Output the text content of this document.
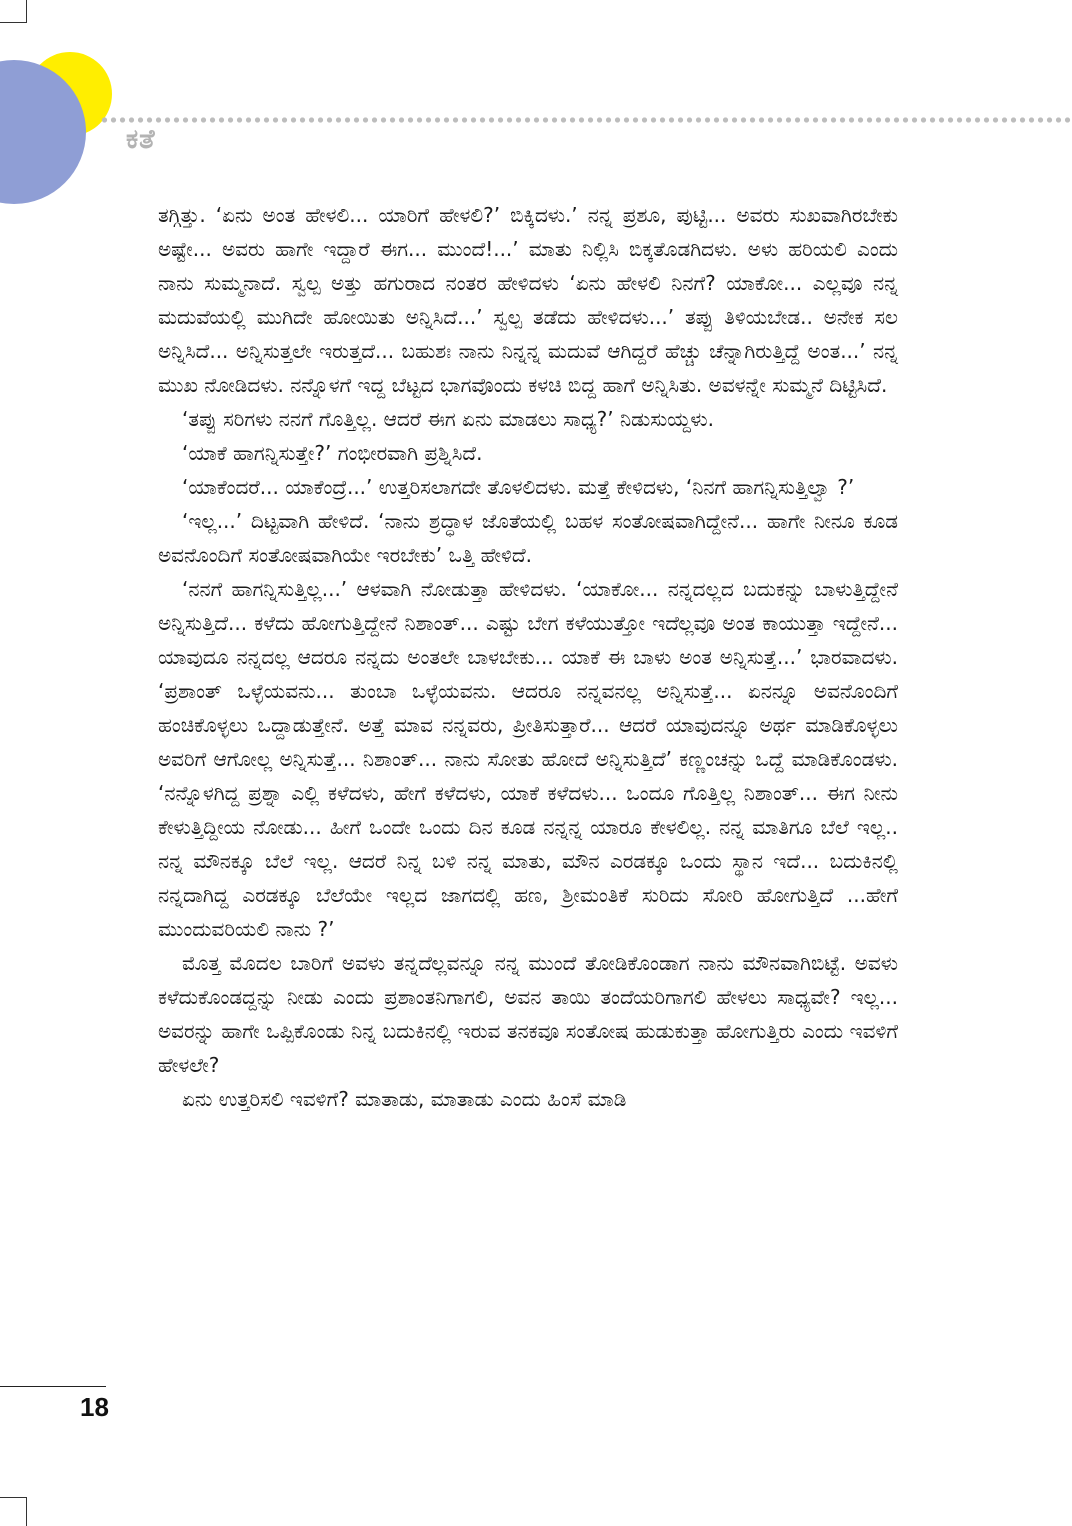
ಕತೆ

ತಗ್ಗಿತ್ತು. ‘ಏನು ಅಂತ ಹೇಳಲಿ... ಯಾರಿಗೆ ಹೇಳಲಿ?’ ಬಿಕ್ಕಿದಳು.’ ನನ್ನ ಪ್ರಶೂ, ಪುಟ್ಟಿ... ಅವರು ಸುಖವಾಗಿರಬೇಕು ಅಷ್ಟೇ... ಅವರು ಹಾಗೇ ಇದ್ದಾರೆ ಈಗ... ಮುಂದೆ!...’ ಮಾತು ನಿಲ್ಲಿಸಿ ಬಿಕ್ಕತೊಡಗಿದಳು. ಅಳು ಹರಿಯಲಿ ಎಂದು ನಾನು ಸುಮ್ಮನಾದೆ. ಸ್ವಲ್ಪ ಅತ್ತು ಹಗುರಾದ ನಂತರ ಹೇಳಿದಳು ‘ಏನು ಹೇಳಲಿ ನಿನಗೆ? ಯಾಕೋ... ಎಲ್ಲವೂ ನನ್ನ ಮದುವೆಯಲ್ಲಿ ಮುಗಿದೇ ಹೋಯಿತು ಅನ್ನಿಸಿದೆ...’ ಸ್ವಲ್ಪ ತಡೆದು ಹೇಳಿದಳು...’ ತಪ್ಪು ತಿಳಿಯಬೇಡ.. ಅನೇಕ ಸಲ ಅನ್ನಿಸಿದೆ... ಅನ್ನಿಸುತ್ತಲೇ ಇರುತ್ತದೆ... ಬಹುಶಃ ನಾನು ನಿನ್ನನ್ನ ಮದುವೆ ಆಗಿದ್ದರೆ ಹೆಚ್ಚು ಚೆನ್ನಾಗಿರುತ್ತಿದ್ದೆ ಅಂತ...’ ನನ್ನ ಮುಖ ನೋಡಿದಳು. ನನ್ನೊಳಗೆ ಇದ್ದ ಬೆಟ್ಟದ ಭಾಗವೊಂದು ಕಳಚಿ ಬಿದ್ದ ಹಾಗೆ ಅನ್ನಿಸಿತು. ಅವಳನ್ನೇ ಸುಮ್ಮನೆ ದಿಟ್ಟಿಸಿದೆ.

‘ತಪ್ಪು ಸರಿಗಳು ನನಗೆ ಗೊತ್ತಿಲ್ಲ. ಆದರೆ ಈಗ ಏನು ಮಾಡಲು ಸಾಧ್ಯ?’ ನಿಡುಸುಯ್ದಳು.

‘ಯಾಕೆ ಹಾಗನ್ನಿಸುತ್ತೇ?’ ಗಂಭೀರವಾಗಿ ಪ್ರಶ್ನಿಸಿದೆ.

‘ಯಾಕೆಂದರೆ... ಯಾಕೆಂದ್ರೆ...’ ಉತ್ತರಿಸಲಾಗದೇ ತೊಳಲಿದಳು. ಮತ್ತೆ ಕೇಳಿದಳು, ‘ನಿನಗೆ ಹಾಗನ್ನಿಸುತ್ತಿಲ್ವಾ ?’

‘ಇಲ್ಲ...’ ದಿಟ್ಟವಾಗಿ ಹೇಳಿದೆ. ‘ನಾನು ಶ್ರದ್ಧಾಳ ಜೊತೆಯಲ್ಲಿ ಬಹಳ ಸಂತೋಷವಾಗಿದ್ದೇನೆ... ಹಾಗೇ ನೀನೂ ಕೂಡ ಅವನೊಂದಿಗೆ ಸಂತೋಷವಾಗಿಯೇ ಇರಬೇಕು’ ಒತ್ತಿ ಹೇಳಿದೆ.

‘ನನಗೆ ಹಾಗನ್ನಿಸುತ್ತಿಲ್ಲ...’ ಆಳವಾಗಿ ನೋಡುತ್ತಾ ಹೇಳಿದಳು. ‘ಯಾಕೋ... ನನ್ನದಲ್ಲದ ಬದುಕನ್ನು ಬಾಳುತ್ತಿದ್ದೇನೆ ಅನ್ನಿಸುತ್ತಿದೆ... ಕಳೆದು ಹೋಗುತ್ತಿದ್ದೇನೆ ನಿಶಾಂತ್... ಎಷ್ಟು ಬೇಗ ಕಳೆಯುತ್ತೋ ಇದೆಲ್ಲವೂ ಅಂತ ಕಾಯುತ್ತಾ ಇದ್ದೇನೆ... ಯಾವುದೂ ನನ್ನದಲ್ಲ ಆದರೂ ನನ್ನದು ಅಂತಲೇ ಬಾಳಬೇಕು... ಯಾಕೆ ಈ ಬಾಳು ಅಂತ ಅನ್ನಿಸುತ್ತೆ...’ ಭಾರವಾದಳು. ‘ಪ್ರಶಾಂತ್ ಒಳ್ಳೆಯವನು... ತುಂಬಾ ಒಳ್ಳೆಯವನು. ಆದರೂ ನನ್ನವನಲ್ಲ ಅನ್ನಿಸುತ್ತೆ... ಏನನ್ನೂ ಅವನೊಂದಿಗೆ ಹಂಚಿಕೊಳ್ಳಲು ಒದ್ದಾಡುತ್ತೇನೆ. ಅತ್ತೆ ಮಾವ ನನ್ನವರು, ಪ್ರೀತಿಸುತ್ತಾರೆ... ಆದರೆ ಯಾವುದನ್ನೂ ಅರ್ಥ ಮಾಡಿಕೊಳ್ಳಲು ಅವರಿಗೆ ಆಗೋಲ್ಲ ಅನ್ನಿಸುತ್ತೆ... ನಿಶಾಂತ್... ನಾನು ಸೋತು ಹೋದೆ ಅನ್ನಿಸುತ್ತಿದೆ’ ಕಣ್ಣಂಚನ್ನು ಒದ್ದೆ ಮಾಡಿಕೊಂಡಳು. ‘ನನ್ನೊಳಗಿದ್ದ ಪ್ರಶ್ನಾ ಎಲ್ಲಿ ಕಳೆದಳು, ಹೇಗೆ ಕಳೆದಳು, ಯಾಕೆ ಕಳೆದಳು... ಒಂದೂ ಗೊತ್ತಿಲ್ಲ ನಿಶಾಂತ್... ಈಗ ನೀನು ಕೇಳುತ್ತಿದ್ದೀಯ ನೋಡು... ಹೀಗೆ ಒಂದೇ ಒಂದು ದಿನ ಕೂಡ ನನ್ನನ್ನ ಯಾರೂ ಕೇಳಲಿಲ್ಲ. ನನ್ನ ಮಾತಿಗೂ ಬೆಲೆ ಇಲ್ಲ.. ನನ್ನ ಮೌನಕ್ಕೂ ಬೆಲೆ ಇಲ್ಲ. ಆದರೆ ನಿನ್ನ ಬಳಿ ನನ್ನ ಮಾತು, ಮೌನ ಎರಡಕ್ಕೂ ಒಂದು ಸ್ಥಾನ ಇದೆ... ಬದುಕಿನಲ್ಲಿ ನನ್ನದಾಗಿದ್ದ ಎರಡಕ್ಕೂ ಬೆಲೆಯೇ ಇಲ್ಲದ ಜಾಗದಲ್ಲಿ ಹಣ, ಶ್ರೀಮಂತಿಕೆ ಸುರಿದು ಸೋರಿ ಹೋಗುತ್ತಿದೆ ...ಹೇಗೆ ಮುಂದುವರಿಯಲಿ ನಾನು ?’

ಮೊತ್ತ ಮೊದಲ ಬಾರಿಗೆ ಅವಳು ತನ್ನದೆಲ್ಲವನ್ನೂ ನನ್ನ ಮುಂದೆ ತೋಡಿಕೊಂಡಾಗ ನಾನು ಮೌನವಾಗಿಬಿಟ್ಟೆ. ಅವಳು ಕಳೆದುಕೊಂಡದ್ದನ್ನು ನೀಡು ಎಂದು ಪ್ರಶಾಂತನಿಗಾಗಲಿ, ಅವನ ತಾಯಿ ತಂದೆಯರಿಗಾಗಲಿ ಹೇಳಲು ಸಾಧ್ಯವೇ? ಇಲ್ಲ... ಅವರನ್ನು ಹಾಗೇ ಒಪ್ಪಿಕೊಂಡು ನಿನ್ನ ಬದುಕಿನಲ್ಲಿ ಇರುವ ತನಕವೂ ಸಂತೋಷ ಹುಡುಕುತ್ತಾ ಹೋಗುತ್ತಿರು ಎಂದು ಇವಳಿಗೆ ಹೇಳಲೇ?

ಏನು ಉತ್ತರಿಸಲಿ ಇವಳಿಗೆ? ಮಾತಾಡು, ಮಾತಾಡು ಎಂದು ಹಿಂಸೆ ಮಾಡಿ

18
